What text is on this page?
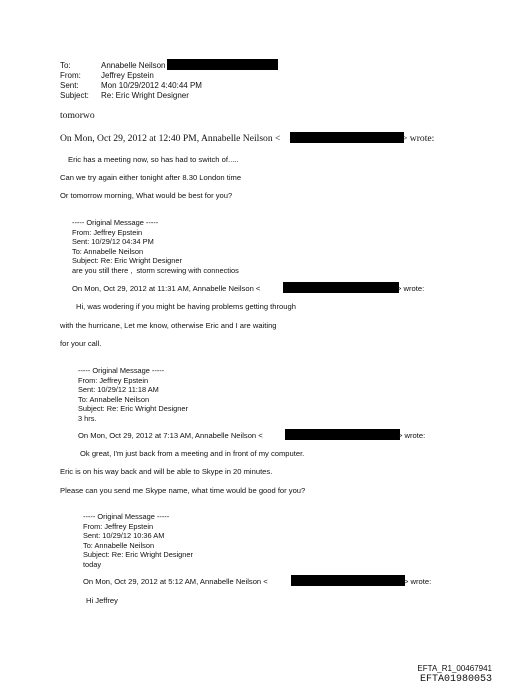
To:	Annabelle Neilson
From:	Jeffrey Epstein
Sent:	Mon 10/29/2012 4:40:44 PM
Subject: Re: Eric Wright Designer
tomorwo
On Mon, Oct 29, 2012 at 12:40 PM, Annabelle Neilson <	> wrote:
Eric has a meeting now, so has had to switch of.....
Can we try again either tonight after 8.30 London time
Or tomorrow morning, What would be best for you?
----- Original Message -----
From: Jeffrey Epstein
Sent: 10/29/12 04:34 PM
To: Annabelle Neilson
Subject: Re: Eric Wright Designer
are you still there ,  storm screwing with connectios
On Mon, Oct 29, 2012 at 11:31 AM, Annabelle Neilson <	> wrote:
Hi, was wodering if you might be having problems getting through
with the hurricane, Let me know, otherwise Eric and I are waiting
for your call.
----- Original Message -----
From: Jeffrey Epstein
Sent: 10/29/12 11:18 AM
To: Annabelle Neilson
Subject: Re: Eric Wright Designer
3 hrs.
On Mon, Oct 29, 2012 at 7:13 AM, Annabelle Neilson <	> wrote:
Ok great, I'm just back from a meeting and in front of my computer.
Eric is on his way back and will be able to Skype in 20 minutes.
Please can you send me Skype name, what time would be good for you?
----- Original Message -----
From: Jeffrey Epstein
Sent: 10/29/12 10:36 AM
To: Annabelle Neilson
Subject: Re: Eric Wright Designer
today
On Mon, Oct 29, 2012 at 5:12 AM, Annabelle Neilson <	> wrote:
Hi Jeffrey
EFTA_R1_00467941
EFTA01980053
